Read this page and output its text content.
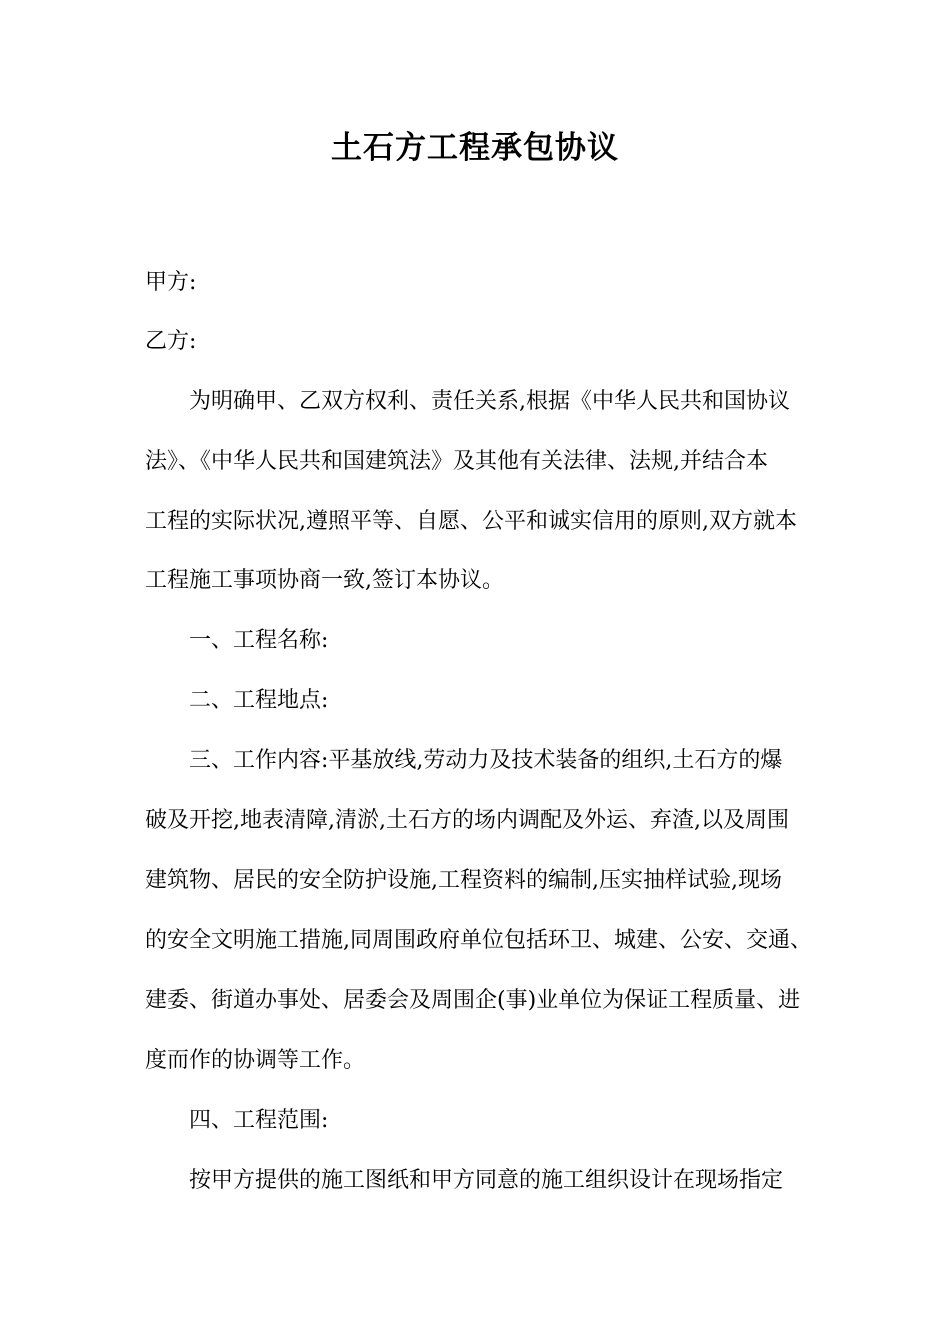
土石方工程承包协议
甲方:
乙方:
为明确甲、乙双方权利、责任关系,根据《中华人民共和国协议
法》、《中华人民共和国建筑法》及其他有关法律、法规,并结合本
工程的实际状况,遵照平等、自愿、公平和诚实信用的原则,双方就本
工程施工事项协商一致,签订本协议。
一、工程名称:
二、工程地点:
三、工作内容:平基放线,劳动力及技术装备的组织,土石方的爆
破及开挖,地表清障,清淤,土石方的场内调配及外运、弃渣,以及周围
建筑物、居民的安全防护设施,工程资料的编制,压实抽样试验,现场
的安全文明施工措施,同周围政府单位包括环卫、城建、公安、交通、
建委、街道办事处、居委会及周围企(事)业单位为保证工程质量、进
度而作的协调等工作。
四、工程范围:
按甲方提供的施工图纸和甲方同意的施工组织设计在现场指定
